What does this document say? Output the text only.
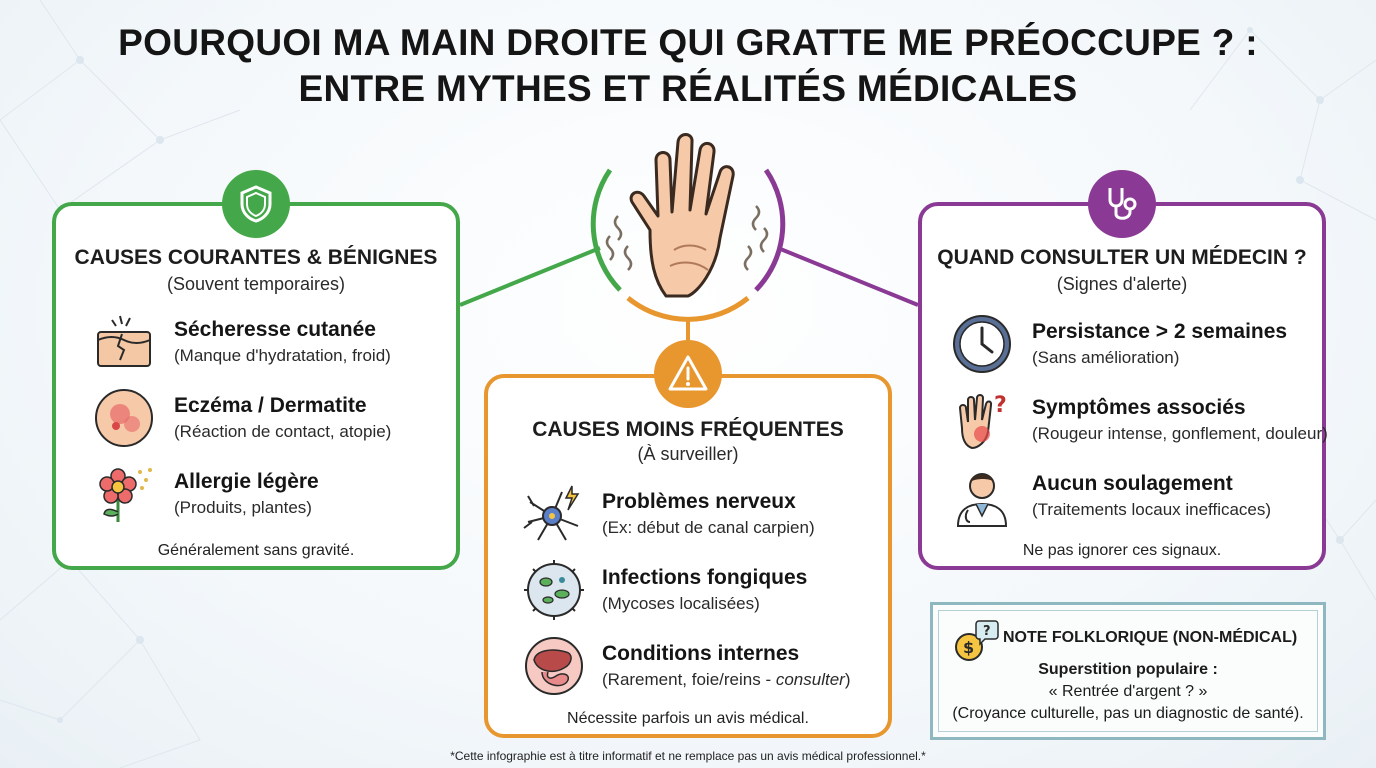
POURQUOI MA MAIN DROITE QUI GRATTE ME PRÉOCCUPE ? :
ENTRE MYTHES ET RÉALITÉS MÉDICALES
CAUSES COURANTES & BÉNIGNES
(Souvent temporaires)
Sécheresse cutanée
(Manque d'hydratation, froid)
Eczéma / Dermatite
(Réaction de contact, atopie)
Allergie légère
(Produits, plantes)
Généralement sans gravité.
QUAND CONSULTER UN MÉDECIN ?
(Signes d'alerte)
Persistance > 2 semaines
(Sans amélioration)
? Symptômes associés
(Rougeur intense, gonflement, douleur)
Aucun soulagement
(Traitements locaux inefficaces)
Ne pas ignorer ces signaux.
CAUSES MOINS FRÉQUENTES
(À surveiller)
Problèmes nerveux
(Ex: début de canal carpien)
Infections fongiques
(Mycoses localisées)
Conditions internes
(Rarement, foie/reins - consulter)
Nécessite parfois un avis médical.
$
? NOTE FOLKLORIQUE (NON-MÉDICAL)
Superstition populaire :
« Rentrée d'argent ? »
(Croyance culturelle, pas un diagnostic de santé).
*Cette infographie est à titre informatif et ne remplace pas un avis médical professionnel.*
